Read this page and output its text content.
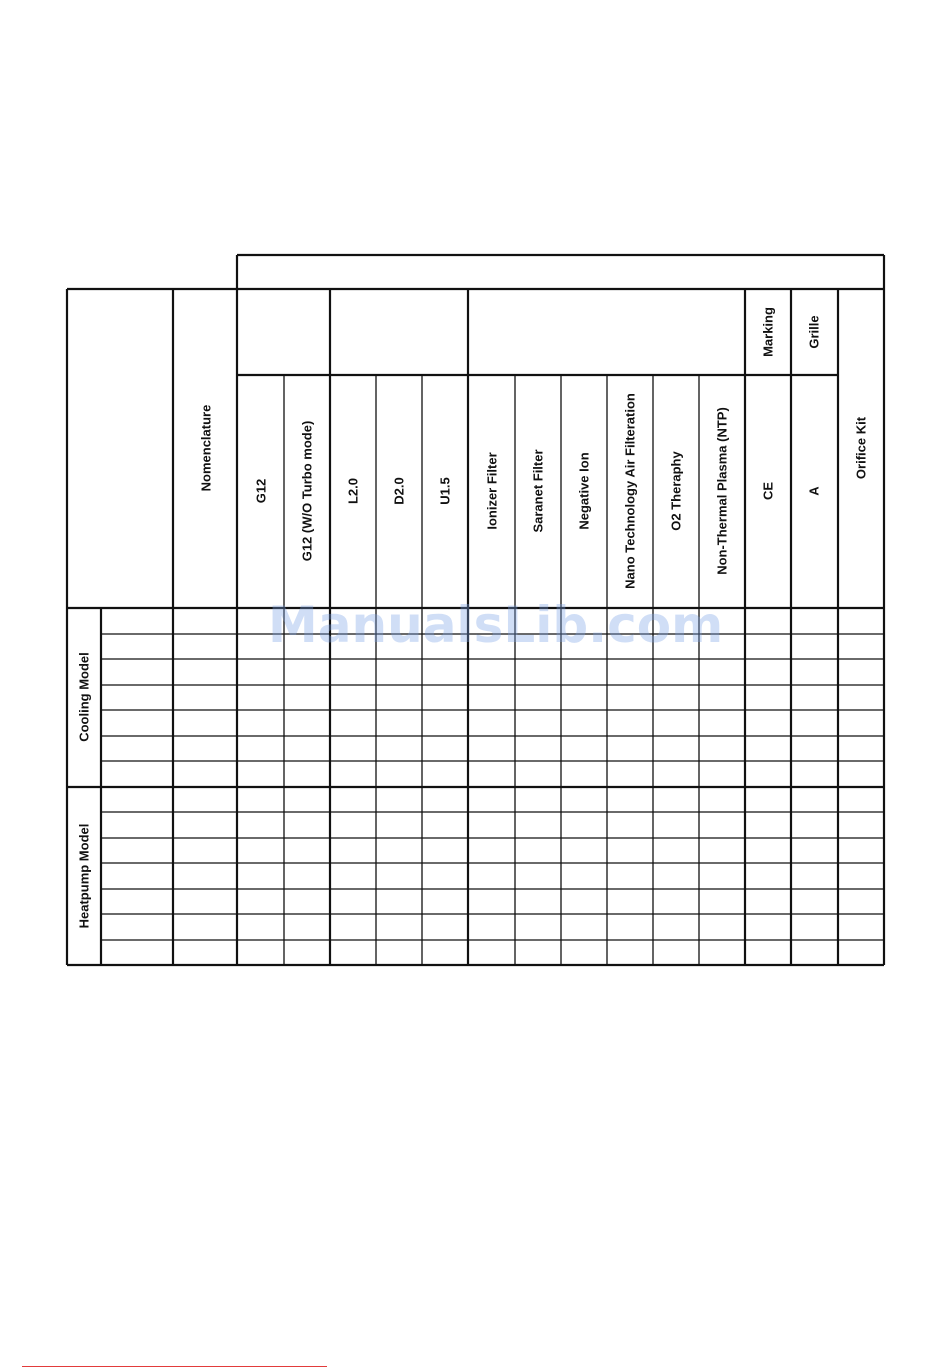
Nomenclature	G12 G12 (W/O Turbo mode) L2.0 D2.0 U1.5 Ionizer Filter Saranet Filter Negative Ion Nano Technology Air Filteration O2 Theraphy Non-Thermal Plasma (NTP) CE A
Orifice Kit
Marking Grille
Cooling Model
Heatpump Model
ManualsLib.com
